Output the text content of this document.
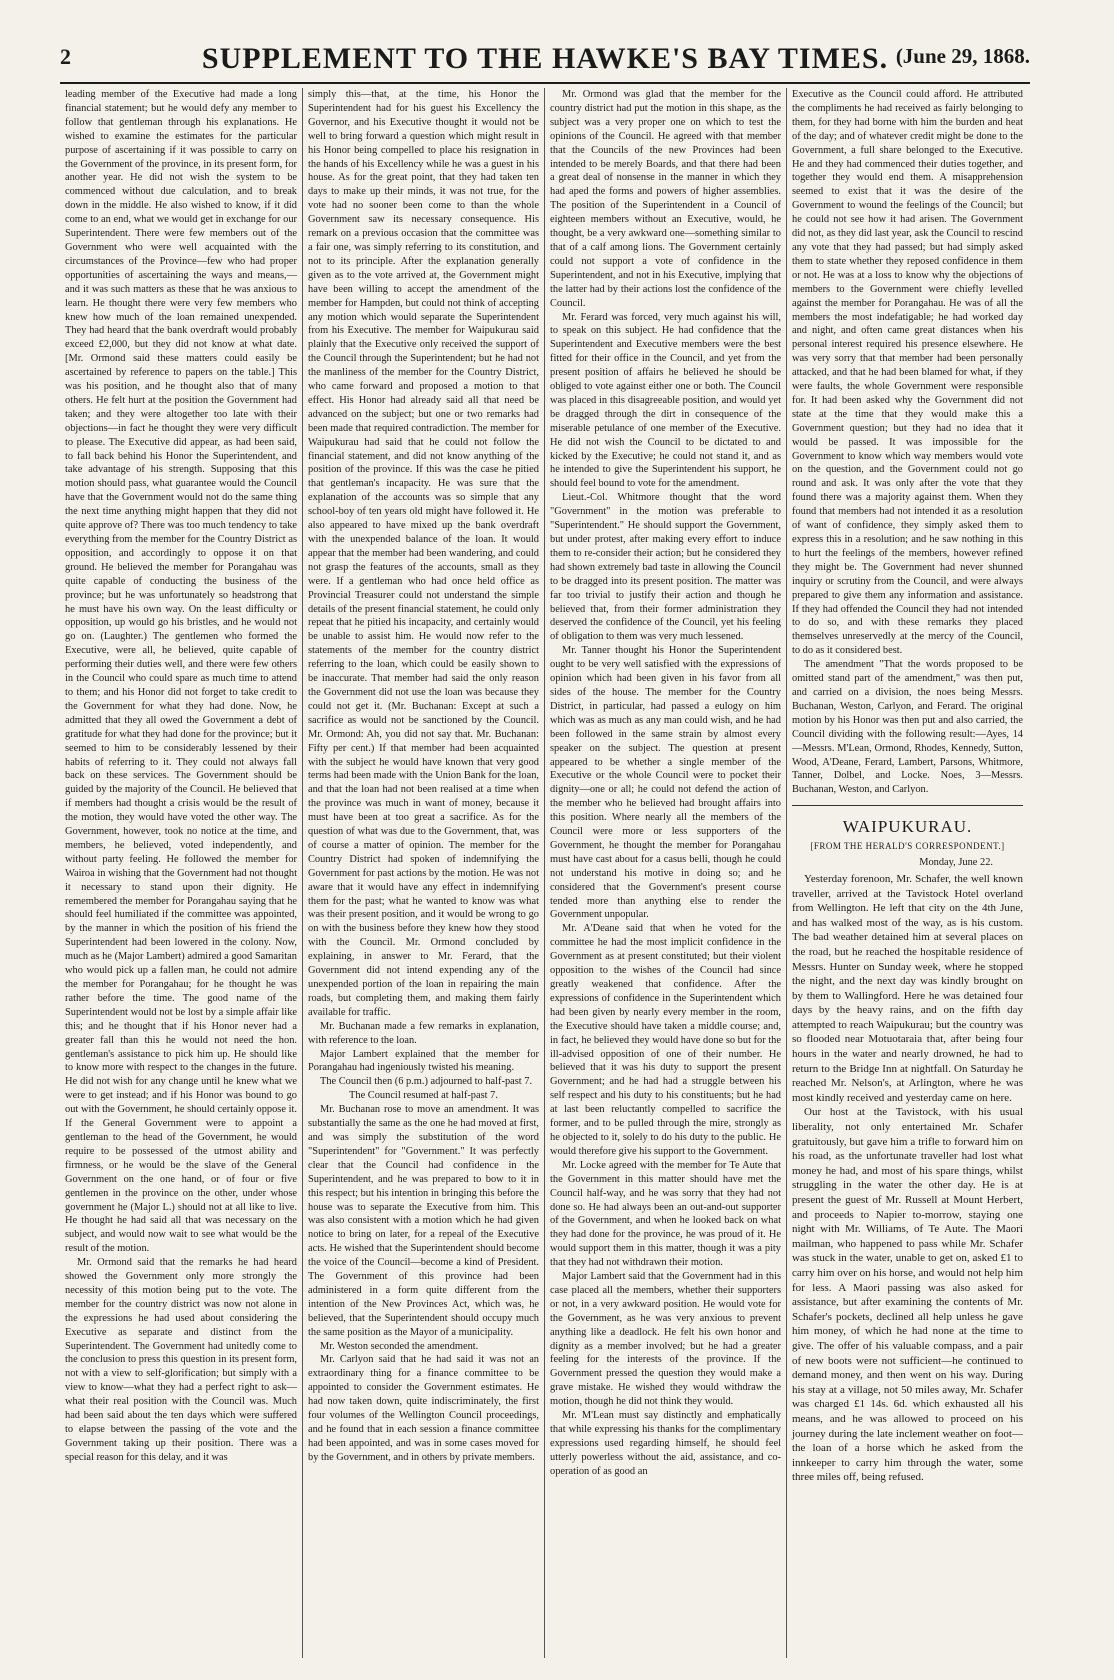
2	SUPPLEMENT TO THE HAWKE'S BAY TIMES. (June 29, 1868.

leading member of the Executive had made a long financial statement; but he would defy any member to follow that gentleman through his explanations. He wished to examine the estimates for the particular purpose of ascertaining if it was possible to carry on the Government of the province, in its present form, for another year. He did not wish the system to be commenced without due calculation, and to break down in the middle. He also wished to know, if it did come to an end, what we would get in exchange for our Superintendent. There were few members out of the Government who were well acquainted with the circumstances of the Province—few who had proper opportunities of ascertaining the ways and means,—and it was such matters as these that he was anxious to learn. He thought there were very few members who knew how much of the loan remained unexpended. They had heard that the bank overdraft would probably exceed £2,000, but they did not know at what date. [Mr. Ormond said these matters could easily be ascertained by reference to papers on the table.] This was his position, and he thought also that of many others. He felt hurt at the position the Government had taken; and they were altogether too late with their objections—in fact he thought they were very difficult to please. The Executive did appear, as had been said, to fall back behind his Honor the Superintendent, and take advantage of his strength. Supposing that this motion should pass, what guarantee would the Council have that the Government would not do the same thing the next time anything might happen that they did not quite approve of? There was too much tendency to take everything from the member for the Country District as opposition, and accordingly to oppose it on that ground. He believed the member for Porangahau was quite capable of conducting the business of the province; but he was unfortunately so headstrong that he must have his own way. On the least difficulty or opposition, up would go his bristles, and he would not go on. (Laughter.) The gentlemen who formed the Executive, were all, he believed, quite capable of performing their duties well, and there were few others in the Council who could spare as much time to attend to them; and his Honor did not forget to take credit to the Government for what they had done. Now, he admitted that they all owed the Government a debt of gratitude for what they had done for the province; but it seemed to him to be considerably lessened by their habits of referring to it. They could not always fall back on these services. The Government should be guided by the majority of the Council. He believed that if members had thought a crisis would be the result of the motion, they would have voted the other way. The Government, however, took no notice at the time, and members, he believed, voted independently, and without party feeling. He followed the member for Wairoa in wishing that the Government had not thought it necessary to stand upon their dignity. He remembered the member for Porangahau saying that he should feel humiliated if the committee was appointed, by the manner in which the position of his friend the Superintendent had been lowered in the colony. Now, much as he (Major Lambert) admired a good Samaritan who would pick up a fallen man, he could not admire the member for Porangahau; for he thought he was rather before the time. The good name of the Superintendent would not be lost by a simple affair like this; and he thought that if his Honor never had a greater fall than this he would not need the hon. gentleman's assistance to pick him up. He should like to know more with respect to the changes in the future. He did not wish for any change until he knew what we were to get instead; and if his Honor was bound to go out with the Government, he should certainly oppose it. If the General Government were to appoint a gentleman to the head of the Government, he would require to be possessed of the utmost ability and firmness, or he would be the slave of the General Government on the one hand, or of four or five gentlemen in the province on the other, under whose government he (Major L.) should not at all like to live. He thought he had said all that was necessary on the subject, and would now wait to see what would be the result of the motion.

Mr. Ormond said that the remarks he had heard showed the Government only more strongly the necessity of this motion being put to the vote. The member for the country district was now not alone in the expressions he had used about considering the Executive as separate and distinct from the Superintendent. The Government had unitedly come to the conclusion to press this question in its present form, not with a view to self-glorification; but simply with a view to know—what they had a perfect right to ask—what their real position with the Council was. Much had been said about the ten days which were suffered to elapse between the passing of the vote and the Government taking up their position. There was a special reason for this delay, and it was

simply this—that, at the time, his Honor the Superintendent had for his guest his Excellency the Governor, and his Executive thought it would not be well to bring forward a question which might result in his Honor being compelled to place his resignation in the hands of his Excellency while he was a guest in his house. As for the great point, that they had taken ten days to make up their minds, it was not true, for the vote had no sooner been come to than the whole Government saw its necessary consequence. His remark on a previous occasion that the committee was a fair one, was simply referring to its constitution, and not to its principle. After the explanation generally given as to the vote arrived at, the Government might have been willing to accept the amendment of the member for Hampden, but could not think of accepting any motion which would separate the Superintendent from his Executive. The member for Waipukurau said plainly that the Executive only received the support of the Council through the Superintendent; but he had not the manliness of the member for the Country District, who came forward and proposed a motion to that effect. His Honor had already said all that need be advanced on the subject; but one or two remarks had been made that required contradiction. The member for Waipukurau had said that he could not follow the financial statement, and did not know anything of the position of the province. If this was the case he pitied that gentleman's incapacity. He was sure that the explanation of the accounts was so simple that any school-boy of ten years old might have followed it. He also appeared to have mixed up the bank overdraft with the unexpended balance of the loan. It would appear that the member had been wandering, and could not grasp the features of the accounts, small as they were. If a gentleman who had once held office as Provincial Treasurer could not understand the simple details of the present financial statement, he could only repeat that he pitied his incapacity, and certainly would be unable to assist him. He would now refer to the statements of the member for the country district referring to the loan, which could be easily shown to be inaccurate. That member had said the only reason the Government did not use the loan was because they could not get it. (Mr. Buchanan: Except at such a sacrifice as would not be sanctioned by the Council. Mr. Ormond: Ah, you did not say that. Mr. Buchanan: Fifty per cent.) If that member had been acquainted with the subject he would have known that very good terms had been made with the Union Bank for the loan, and that the loan had not been realised at a time when the province was much in want of money, because it must have been at too great a sacrifice. As for the question of what was due to the Government, that, was of course a matter of opinion. The member for the Country District had spoken of indemnifying the Government for past actions by the motion. He was not aware that it would have any effect in indemnifying them for the past; what he wanted to know was what was their present position, and it would be wrong to go on with the business before they knew how they stood with the Council. Mr. Ormond concluded by explaining, in answer to Mr. Ferard, that the Government did not intend expending any of the unexpended portion of the loan in repairing the main roads, but completing them, and making them fairly available for traffic.

Mr. Buchanan made a few remarks in explanation, with reference to the loan.

Major Lambert explained that the member for Porangahau had ingeniously twisted his meaning.

The Council then (6 p.m.) adjourned to half-past 7.

The Council resumed at half-past 7.

Mr. Buchanan rose to move an amendment. It was substantially the same as the one he had moved at first, and was simply the substitution of the word "Superintendent" for "Government." It was perfectly clear that the Council had confidence in the Superintendent, and he was prepared to bow to it in this respect; but his intention in bringing this before the house was to separate the Executive from him. This was also consistent with a motion which he had given notice to bring on later, for a repeal of the Executive acts. He wished that the Superintendent should become the voice of the Council—become a kind of President. The Government of this province had been administered in a form quite different from the intention of the New Provinces Act, which was, he believed, that the Superintendent should occupy much the same position as the Mayor of a municipality.

Mr. Weston seconded the amendment.

Mr. Carlyon said that he had said it was not an extraordinary thing for a finance committee to be appointed to consider the Government estimates. He had now taken down, quite indiscriminately, the first four volumes of the Wellington Council proceedings, and he found that in each session a finance committee had been appointed, and was in some cases moved for by the Government, and in others by private members.

Mr. Ormond was glad that the member for the country district had put the motion in this shape, as the subject was a very proper one on which to test the opinions of the Council. He agreed with that member that the Councils of the new Provinces had been intended to be merely Boards, and that there had been a great deal of nonsense in the manner in which they had aped the forms and powers of higher assemblies. The position of the Superintendent in a Council of eighteen members without an Executive, would, he thought, be a very awkward one—something similar to that of a calf among lions. The Government certainly could not support a vote of confidence in the Superintendent, and not in his Executive, implying that the latter had by their actions lost the confidence of the Council.

Mr. Ferard was forced, very much against his will, to speak on this subject. He had confidence that the Superintendent and Executive members were the best fitted for their office in the Council, and yet from the present position of affairs he believed he should be obliged to vote against either one or both. The Council was placed in this disagreeable position, and would yet be dragged through the dirt in consequence of the miserable petulance of one member of the Executive. He did not wish the Council to be dictated to and kicked by the Executive; he could not stand it, and as he intended to give the Superintendent his support, he should feel bound to vote for the amendment.

Lieut.-Col. Whitmore thought that the word "Government" in the motion was preferable to "Superintendent." He should support the Government, but under protest, after making every effort to induce them to re-consider their action; but he considered they had shown extremely bad taste in allowing the Council to be dragged into its present position. The matter was far too trivial to justify their action and though he believed that, from their former administration they deserved the confidence of the Council, yet his feeling of obligation to them was very much lessened.

Mr. Tanner thought his Honor the Superintendent ought to be very well satisfied with the expressions of opinion which had been given in his favor from all sides of the house. The member for the Country District, in particular, had passed a eulogy on him which was as much as any man could wish, and he had been followed in the same strain by almost every speaker on the subject. The question at present appeared to be whether a single member of the Executive or the whole Council were to pocket their dignity—one or all; he could not defend the action of the member who he believed had brought affairs into this position. Where nearly all the members of the Council were more or less supporters of the Government, he thought the member for Porangahau must have cast about for a casus belli, though he could not understand his motive in doing so; and he considered that the Government's present course tended more than anything else to render the Government unpopular.

Mr. A'Deane said that when he voted for the committee he had the most implicit confidence in the Government as at present constituted; but their violent opposition to the wishes of the Council had since greatly weakened that confidence. After the expressions of confidence in the Superintendent which had been given by nearly every member in the room, the Executive should have taken a middle course; and, in fact, he believed they would have done so but for the ill-advised opposition of one of their number. He believed that it was his duty to support the present Government; and he had had a struggle between his self respect and his duty to his constituents; but he had at last been reluctantly compelled to sacrifice the former, and to be pulled through the mire, strongly as he objected to it, solely to do his duty to the public. He would therefore give his support to the Government.

Mr. Locke agreed with the member for Te Aute that the Government in this matter should have met the Council half-way, and he was sorry that they had not done so. He had always been an out-and-out supporter of the Government, and when he looked back on what they had done for the province, he was proud of it. He would support them in this matter, though it was a pity that they had not withdrawn their motion.

Major Lambert said that the Government had in this case placed all the members, whether their supporters or not, in a very awkward position. He would vote for the Government, as he was very anxious to prevent anything like a deadlock. He felt his own honor and dignity as a member involved; but he had a greater feeling for the interests of the province. If the Government pressed the question they would make a grave mistake. He wished they would withdraw the motion, though he did not think they would.

Mr. M'Lean must say distinctly and emphatically that while expressing his thanks for the complimentary expressions used regarding himself, he should feel utterly powerless without the aid, assistance, and co-operation of as good an

Executive as the Council could afford. He attributed the compliments he had received as fairly belonging to them, for they had borne with him the burden and heat of the day; and of whatever credit might be done to the Government, a full share belonged to the Executive. He and they had commenced their duties together, and together they would end them. A misapprehension seemed to exist that it was the desire of the Government to wound the feelings of the Council; but he could not see how it had arisen. The Government did not, as they did last year, ask the Council to rescind any vote that they had passed; but had simply asked them to state whether they reposed confidence in them or not. He was at a loss to know why the objections of members to the Government were chiefly levelled against the member for Porangahau. He was of all the members the most indefatigable; he had worked day and night, and often came great distances when his personal interest required his presence elsewhere. He was very sorry that that member had been personally attacked, and that he had been blamed for what, if they were faults, the whole Government were responsible for. It had been asked why the Government did not state at the time that they would make this a Government question; but they had no idea that it would be passed. It was impossible for the Government to know which way members would vote on the question, and the Government could not go round and ask. It was only after the vote that they found there was a majority against them. When they found that members had not intended it as a resolution of want of confidence, they simply asked them to express this in a resolution; and he saw nothing in this to hurt the feelings of the members, however refined they might be. The Government had never shunned inquiry or scrutiny from the Council, and were always prepared to give them any information and assistance. If they had offended the Council they had not intended to do so, and with these remarks they placed themselves unreservedly at the mercy of the Council, to do as it considered best.

The amendment "That the words proposed to be omitted stand part of the amendment," was then put, and carried on a division, the noes being Messrs. Buchanan, Weston, Carlyon, and Ferard. The original motion by his Honor was then put and also carried, the Council dividing with the following result:—Ayes, 14—Messrs. M'Lean, Ormond, Rhodes, Kennedy, Sutton, Wood, A'Deane, Ferard, Lambert, Parsons, Whitmore, Tanner, Dolbel, and Locke. Noes, 3—Messrs. Buchanan, Weston, and Carlyon.

WAIPUKURAU.
[FROM THE HERALD'S CORRESPONDENT.]
Monday, June 22.

Yesterday forenoon, Mr. Schafer, the well known traveller, arrived at the Tavistock Hotel overland from Wellington. He left that city on the 4th June, and has walked most of the way, as is his custom. The bad weather detained him at several places on the road, but he reached the hospitable residence of Messrs. Hunter on Sunday week, where he stopped the night, and the next day was kindly brought on by them to Wallingford. Here he was detained four days by the heavy rains, and on the fifth day attempted to reach Waipukurau; but the country was so flooded near Motuotaraia that, after being four hours in the water and nearly drowned, he had to return to the Bridge Inn at nightfall. On Saturday he reached Mr. Nelson's, at Arlington, where he was most kindly received and yesterday came on here.

Our host at the Tavistock, with his usual liberality, not only entertained Mr. Schafer gratuitously, but gave him a trifle to forward him on his road, as the unfortunate traveller had lost what money he had, and most of his spare things, whilst struggling in the water the other day. He is at present the guest of Mr. Russell at Mount Herbert, and proceeds to Napier to-morrow, staying one night with Mr. Williams, of Te Aute. The Maori mailman, who happened to pass while Mr. Schafer was stuck in the water, unable to get on, asked £1 to carry him over on his horse, and would not help him for less. A Maori passing was also asked for assistance, but after examining the contents of Mr. Schafer's pockets, declined all help unless he gave him money, of which he had none at the time to give. The offer of his valuable compass, and a pair of new boots were not sufficient—he continued to demand money, and then went on his way. During his stay at a village, not 50 miles away, Mr. Schafer was charged £1 14s. 6d. which exhausted all his means, and he was allowed to proceed on his journey during the late inclement weather on foot—the loan of a horse which he asked from the innkeeper to carry him through the water, some three miles off, being refused.
